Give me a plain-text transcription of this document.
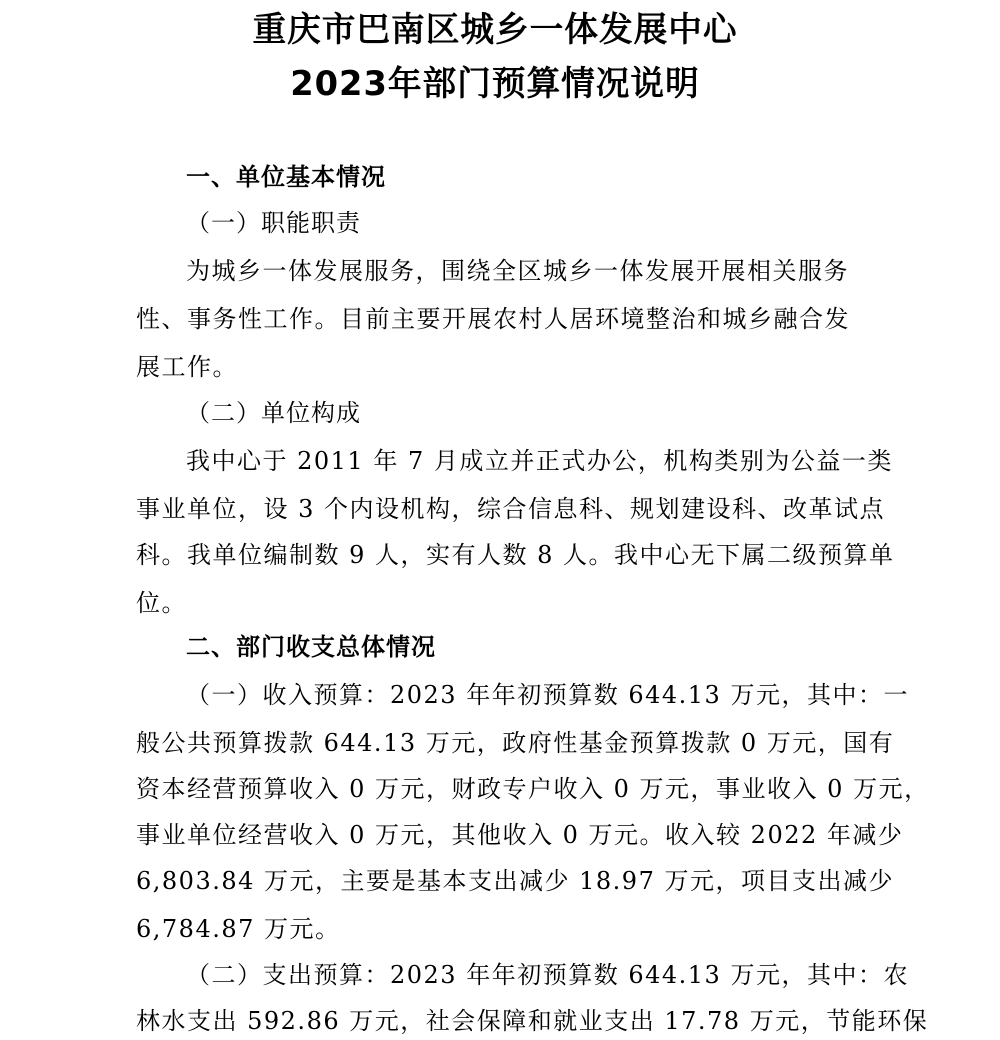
重庆市巴南区城乡一体发展中心
2023年部门预算情况说明
一、单位基本情况
（一）职能职责
为城乡一体发展服务，围绕全区城乡一体发展开展相关服务
性、事务性工作。目前主要开展农村人居环境整治和城乡融合发
展工作。
（二）单位构成
我中心于 2011 年 7 月成立并正式办公，机构类别为公益一类
事业单位，设 3 个内设机构，综合信息科、规划建设科、改革试点
科。我单位编制数 9 人，实有人数 8 人。我中心无下属二级预算单
位。
二、部门收支总体情况
（一）收入预算：2023 年年初预算数 644.13 万元，其中：一
般公共预算拨款 644.13 万元，政府性基金预算拨款 0 万元，国有
资本经营预算收入 0 万元，财政专户收入 0 万元，事业收入 0 万元，
事业单位经营收入 0 万元，其他收入 0 万元。收入较 2022 年减少
6,803.84 万元，主要是基本支出减少 18.97 万元，项目支出减少
6,784.87 万元。
（二）支出预算：2023 年年初预算数 644.13 万元，其中：农
林水支出 592.86 万元，社会保障和就业支出 17.78 万元，节能环保
